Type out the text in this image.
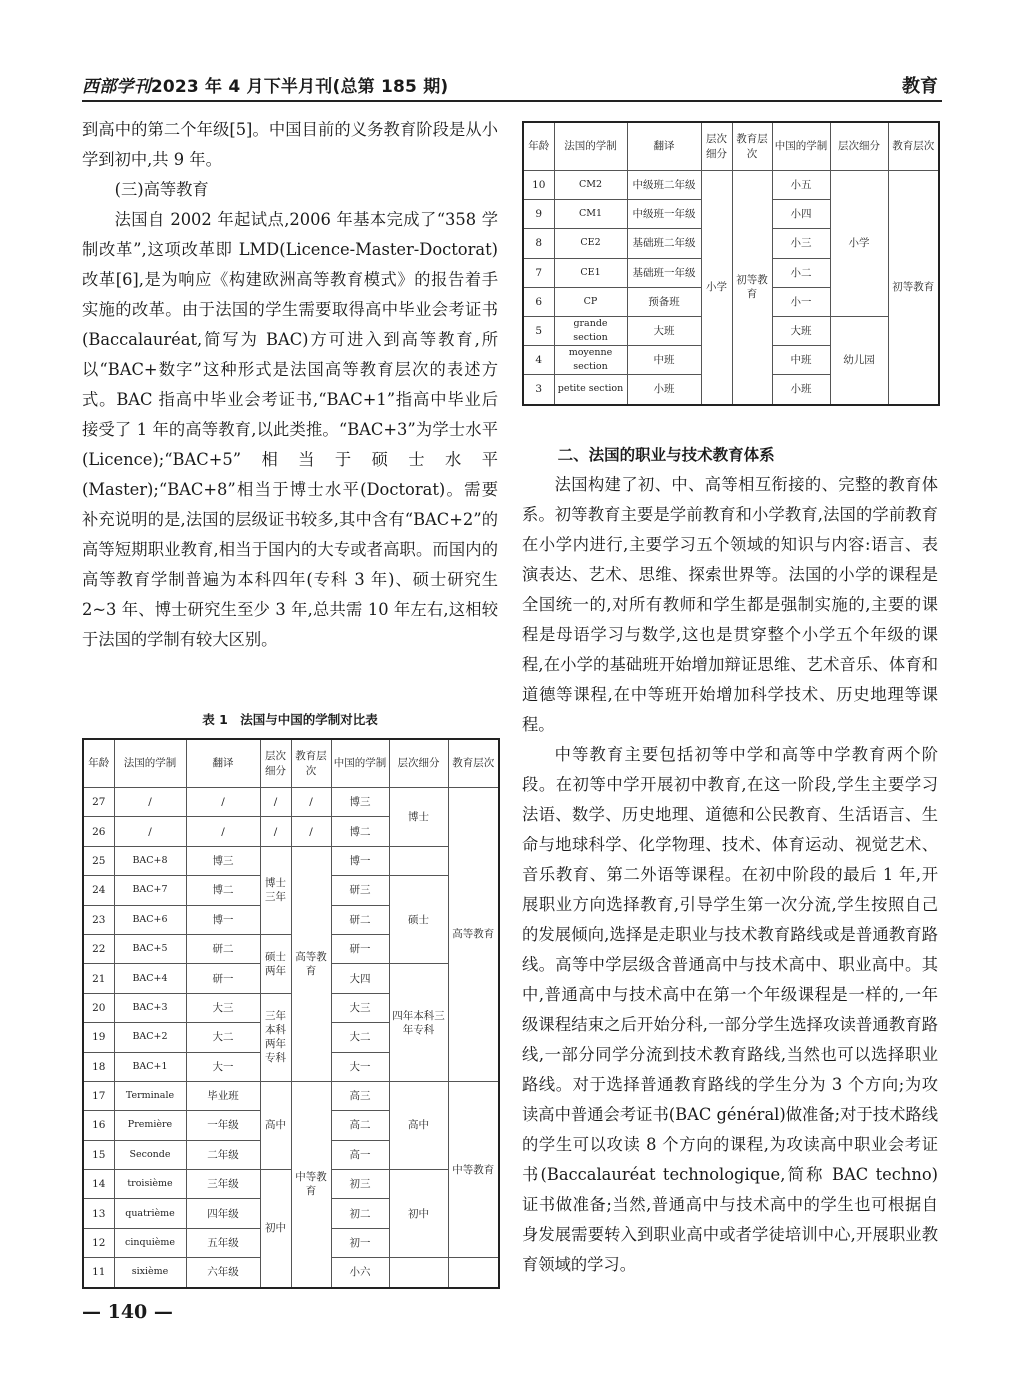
西部学刊2023 年 4 月下半月刊(总第 185 期)	教育

到高中的第二个年级[5]。中国目前的义务教育阶段是从小学到初中,共 9 年。

(三)高等教育

法国自 2002 年起试点,2006 年基本完成了“358 学制改革”,这项改革即 LMD(Licence-Master-Doctorat)改革[6],是为响应《构建欧洲高等教育模式》的报告着手实施的改革。由于法国的学生需要取得高中毕业会考证书(Baccalauréat,简写为 BAC)方可进入到高等教育,所以“BAC+数字”这种形式是法国高等教育层次的表述方式。BAC 指高中毕业会考证书,“BAC+1”指高中毕业后接受了 1 年的高等教育,以此类推。“BAC+3”为学士水平(Licence);“BAC+5”相当于硕士水平(Master);“BAC+8”相当于博士水平(Doctorat)。需要补充说明的是,法国的层级证书较多,其中含有“BAC+2”的高等短期职业教育,相当于国内的大专或者高职。而国内的高等教育学制普遍为本科四年(专科 3 年)、硕士研究生 2~3 年、博士研究生至少 3 年,总共需 10 年左右,这相较于法国的学制有较大区别。

表 1　法国与中国的学制对比表
年龄	法国的学制	翻译	层次细分	教育层次	中国的学制	层次细分	教育层次
27	/	/	/	/	博三	博士	高等教育
26	/	/	/	/	博二		
25	BAC+8	博三	博士三年	高等教育	博一		
24	BAC+7	博二			研三	硕士	
23	BAC+6	博一			研二		
22	BAC+5	研二	硕士两年		研一		
21	BAC+4	研一			大四	四年本科三年专科	
20	BAC+3	大三	三年本科两年专科		大三		
19	BAC+2	大二			大二		
18	BAC+1	大一			大一		
17	Terminale	毕业班	高中	中等教育	高三	高中	中等教育
16	Première	一年级			高二		
15	Seconde	二年级			高一		
14	troisième	三年级	初中		初三	初中	
13	quatrième	四年级			初二		
12	cinquième	五年级			初一		
11	sixième	六年级			小六		
年龄	法国的学制	翻译	层次细分	教育层次	中国的学制	层次细分	教育层次
10	CM2	中级班二年级	小学	初等教育	小五	小学	初等教育
9	CM1	中级班一年级			小四		
8	CE2	基础班二年级			小三		
7	CE1	基础班一年级			小二		
6	CP	预备班			小一		
5	grande section	大班			大班	幼儿园	
4	moyenne section	中班			中班		
3	petite section	小班			小班		

二、法国的职业与技术教育体系

法国构建了初、中、高等相互衔接的、完整的教育体系。初等教育主要是学前教育和小学教育,法国的学前教育在小学内进行,主要学习五个领域的知识与内容:语言、表演表达、艺术、思维、探索世界等。法国的小学的课程是全国统一的,对所有教师和学生都是强制实施的,主要的课程是母语学习与数学,这也是贯穿整个小学五个年级的课程,在小学的基础班开始增加辩证思维、艺术音乐、体育和道德等课程,在中等班开始增加科学技术、历史地理等课程。

中等教育主要包括初等中学和高等中学教育两个阶段。在初等中学开展初中教育,在这一阶段,学生主要学习法语、数学、历史地理、道德和公民教育、生活语言、生命与地球科学、化学物理、技术、体育运动、视觉艺术、音乐教育、第二外语等课程。在初中阶段的最后 1 年,开展职业方向选择教育,引导学生第一次分流,学生按照自己的发展倾向,选择是走职业与技术教育路线或是普通教育路线。高等中学层级含普通高中与技术高中、职业高中。其中,普通高中与技术高中在第一个年级课程是一样的,一年级课程结束之后开始分科,一部分学生选择攻读普通教育路线,一部分同学分流到技术教育路线,当然也可以选择职业路线。对于选择普通教育路线的学生分为 3 个方向;为攻读高中普通会考证书(BAC général)做准备;对于技术路线的学生可以攻读 8 个方向的课程,为攻读高中职业会考证书(Baccalauréat technologique,简称 BAC techno)证书做准备;当然,普通高中与技术高中的学生也可根据自身发展需要转入到职业高中或者学徒培训中心,开展职业教育领域的学习。

— 140 —
